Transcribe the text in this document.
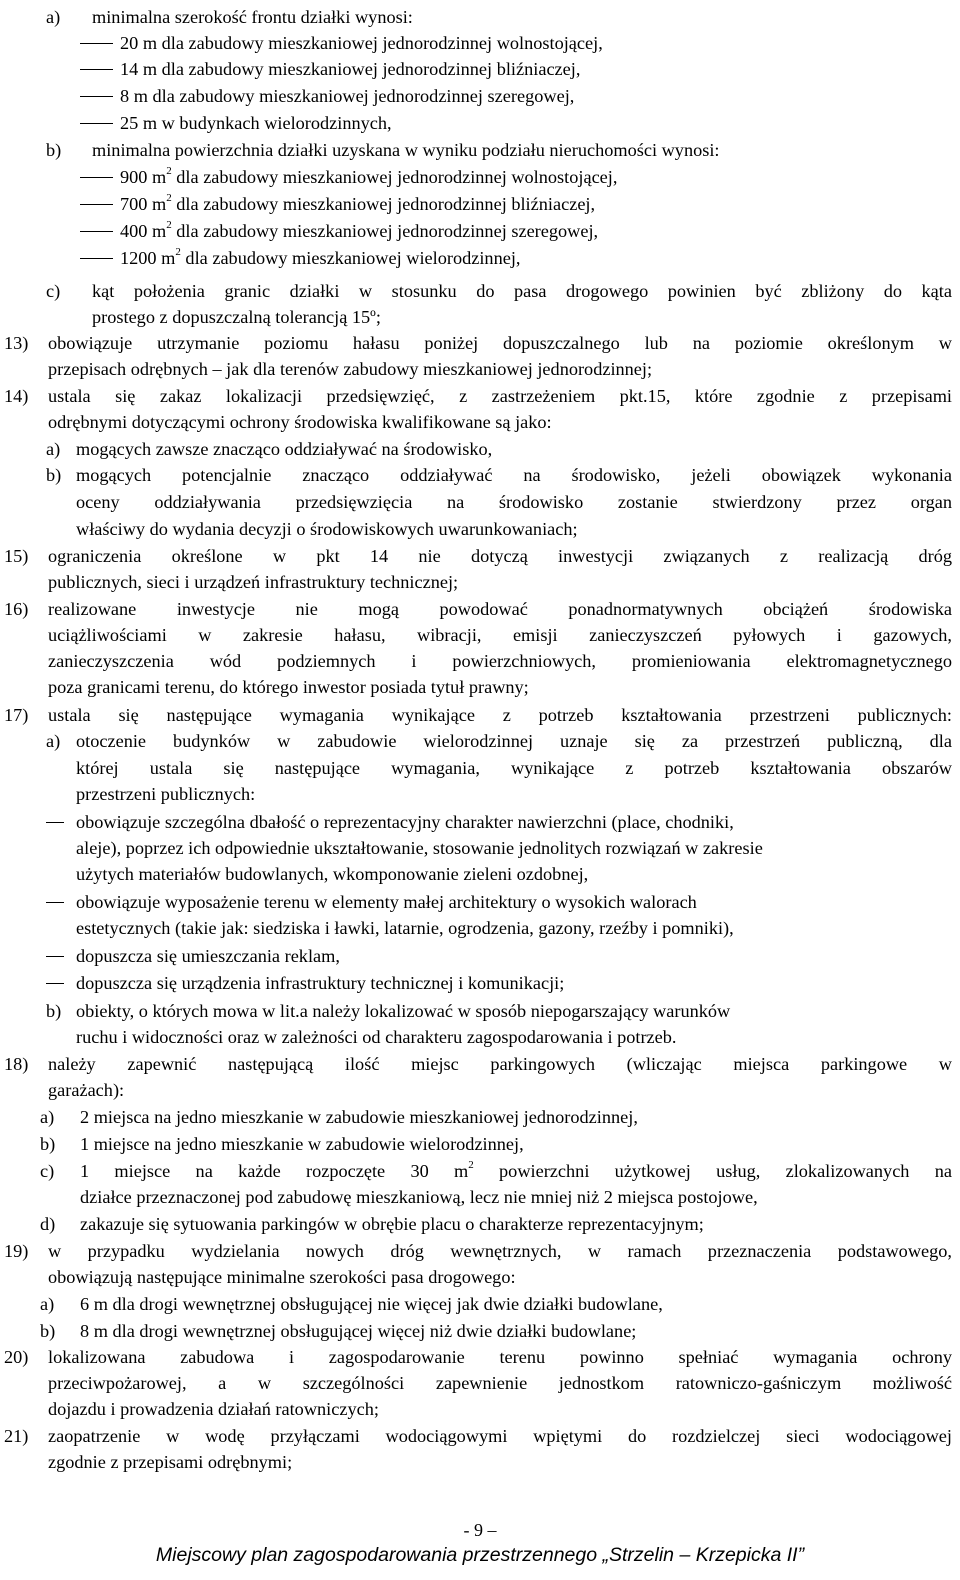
a) minimalna szerokość frontu działki wynosi:
20 m dla zabudowy mieszkaniowej jednorodzinnej wolnostojącej,
14 m dla zabudowy mieszkaniowej jednorodzinnej bliźniaczej,
8 m dla zabudowy mieszkaniowej jednorodzinnej szeregowej,
25 m w budynkach wielorodzinnych,
b) minimalna powierzchnia działki uzyskana w wyniku podziału nieruchomości wynosi:
900 $m^2$ dla zabudowy mieszkaniowej jednorodzinnej wolnostojącej,
700 $m^2$ dla zabudowy mieszkaniowej jednorodzinnej bliźniaczej,
400 $m^2$ dla zabudowy mieszkaniowej jednorodzinnej szeregowej,
1200 $m^2$ dla zabudowy mieszkaniowej wielorodzinnej,
c) kąt położenia granic działki w stosunku do pasa drogowego powinien być zbliżony do kąta
prostego z dopuszczalną tolerancją 15º;
13) obowiązuje utrzymanie poziomu hałasu poniżej dopuszczalnego lub na poziomie określonym w
przepisach odrębnych – jak dla terenów zabudowy mieszkaniowej jednorodzinnej;
14) ustala się zakaz lokalizacji przedsięwzięć, z zastrzeżeniem pkt.15, które zgodnie z przepisami
odrębnymi dotyczącymi ochrony środowiska kwalifikowane są jako:
a) mogących zawsze znacząco oddziaływać na środowisko,
b) mogących potencjalnie znacząco oddziaływać na środowisko, jeżeli obowiązek wykonania
oceny oddziaływania przedsięwzięcia na środowisko zostanie stwierdzony przez organ
właściwy do wydania decyzji o środowiskowych uwarunkowaniach;
15) ograniczenia określone w pkt 14 nie dotyczą inwestycji związanych z realizacją dróg
publicznych, sieci i urządzeń infrastruktury technicznej;
16) realizowane inwestycje nie mogą powodować ponadnormatywnych obciążeń środowiska
uciążliwościami w zakresie hałasu, wibracji, emisji zanieczyszczeń pyłowych i gazowych,
zanieczyszczenia wód podziemnych i powierzchniowych, promieniowania elektromagnetycznego
poza granicami terenu, do którego inwestor posiada tytuł prawny;
17) ustala się następujące wymagania wynikające z potrzeb kształtowania przestrzeni publicznych:
a) otoczenie budynków w zabudowie wielorodzinnej uznaje się za przestrzeń publiczną, dla
której ustala się następujące wymagania, wynikające z potrzeb kształtowania obszarów
przestrzeni publicznych:
obowiązuje szczególna dbałość o reprezentacyjny charakter nawierzchni (place, chodniki,
aleje), poprzez ich odpowiednie ukształtowanie, stosowanie jednolitych rozwiązań w zakresie
użytych materiałów budowlanych, wkomponowanie zieleni ozdobnej,
obowiązuje wyposażenie terenu w elementy małej architektury o wysokich walorach
estetycznych (takie jak: siedziska i ławki, latarnie, ogrodzenia, gazony, rzeźby i pomniki),
dopuszcza się umieszczania reklam,
dopuszcza się urządzenia infrastruktury technicznej i komunikacji;
b) obiekty, o których mowa w lit.a należy lokalizować w sposób niepogarszający warunków
ruchu i widoczności oraz w zależności od charakteru zagospodarowania i potrzeb.
18) należy zapewnić następującą ilość miejsc parkingowych (wliczając miejsca parkingowe w
garażach):
a) 2 miejsca na jedno mieszkanie w zabudowie mieszkaniowej jednorodzinnej,
b) 1 miejsce na jedno mieszkanie w zabudowie wielorodzinnej,
c) 1 miejsce na każde rozpoczęte 30 $m^2$ powierzchni użytkowej usług, zlokalizowanych na
działce przeznaczonej pod zabudowę mieszkaniową, lecz nie mniej niż 2 miejsca postojowe,
d) zakazuje się sytuowania parkingów w obrębie placu o charakterze reprezentacyjnym;
19) w przypadku wydzielania nowych dróg wewnętrznych, w ramach przeznaczenia podstawowego,
obowiązują następujące minimalne szerokości pasa drogowego:
a) 6 m dla drogi wewnętrznej obsługującej nie więcej jak dwie działki budowlane,
b) 8 m dla drogi wewnętrznej obsługującej więcej niż dwie działki budowlane;
20) lokalizowana zabudowa i zagospodarowanie terenu powinno spełniać wymagania ochrony
przeciwpożarowej, a w szczególności zapewnienie jednostkom ratowniczo-gaśniczym możliwość
dojazdu i prowadzenia działań ratowniczych;
21) zaopatrzenie w wodę przyłączami wodociągowymi wpiętymi do rozdzielczej sieci wodociągowej
zgodnie z przepisami odrębnymi;
- 9 –
Miejscowy plan zagospodarowania przestrzennego „Strzelin – Krzepicka II”
